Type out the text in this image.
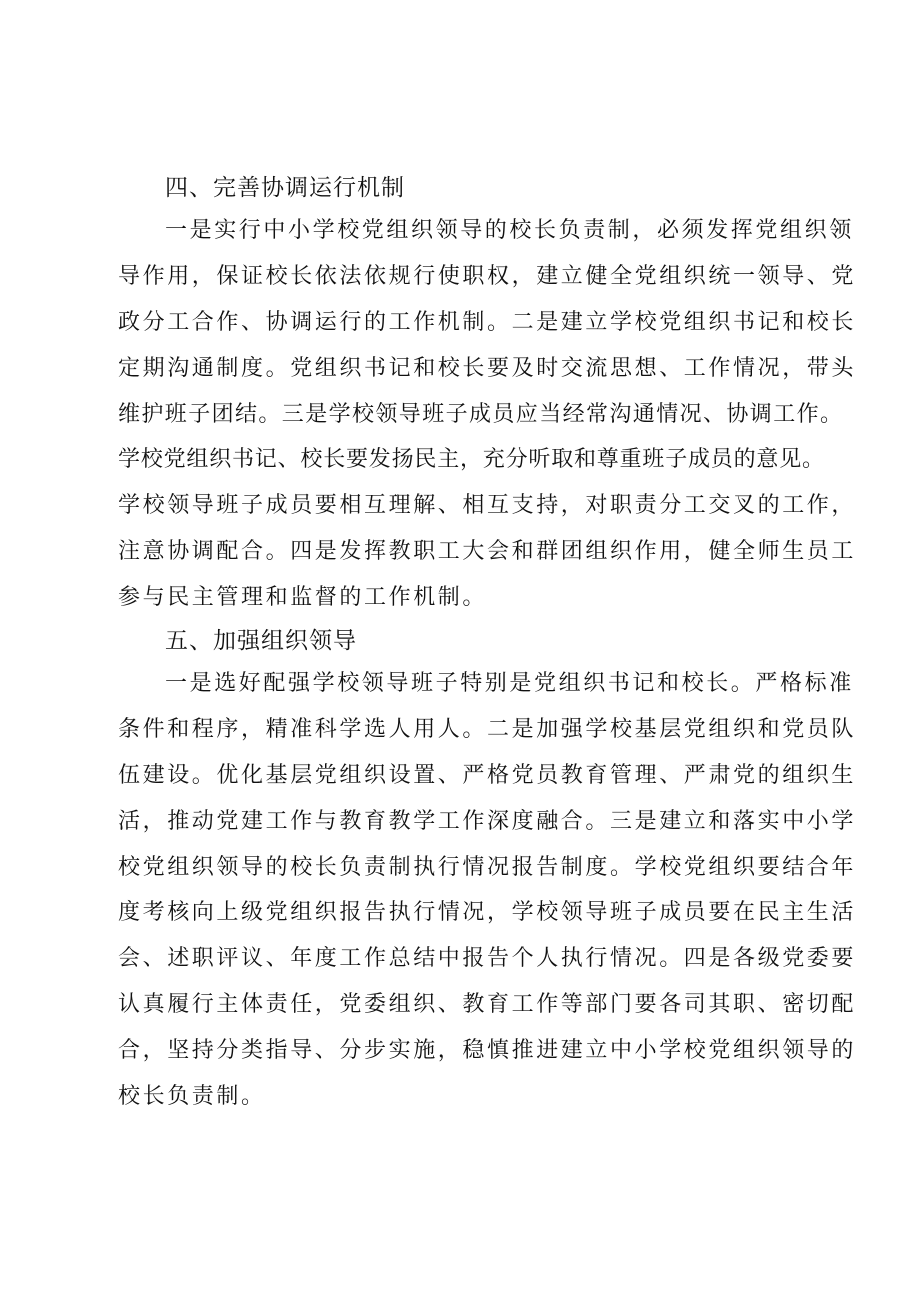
四、完善协调运行机制

一是实行中小学校党组织领导的校长负责制，必须发挥党组织领
导作用，保证校长依法依规行使职权，建立健全党组织统一领导、党
政分工合作、协调运行的工作机制。二是建立学校党组织书记和校长
定期沟通制度。党组织书记和校长要及时交流思想、工作情况，带头
维护班子团结。三是学校领导班子成员应当经常沟通情况、协调工作。
学校党组织书记、校长要发扬民主，充分听取和尊重班子成员的意见。
学校领导班子成员要相互理解、相互支持，对职责分工交叉的工作，
注意协调配合。四是发挥教职工大会和群团组织作用，健全师生员工
参与民主管理和监督的工作机制。

五、加强组织领导

一是选好配强学校领导班子特别是党组织书记和校长。严格标准
条件和程序，精准科学选人用人。二是加强学校基层党组织和党员队
伍建设。优化基层党组织设置、严格党员教育管理、严肃党的组织生
活，推动党建工作与教育教学工作深度融合。三是建立和落实中小学
校党组织领导的校长负责制执行情况报告制度。学校党组织要结合年
度考核向上级党组织报告执行情况，学校领导班子成员要在民主生活
会、述职评议、年度工作总结中报告个人执行情况。四是各级党委要
认真履行主体责任，党委组织、教育工作等部门要各司其职、密切配
合，坚持分类指导、分步实施，稳慎推进建立中小学校党组织领导的
校长负责制。
